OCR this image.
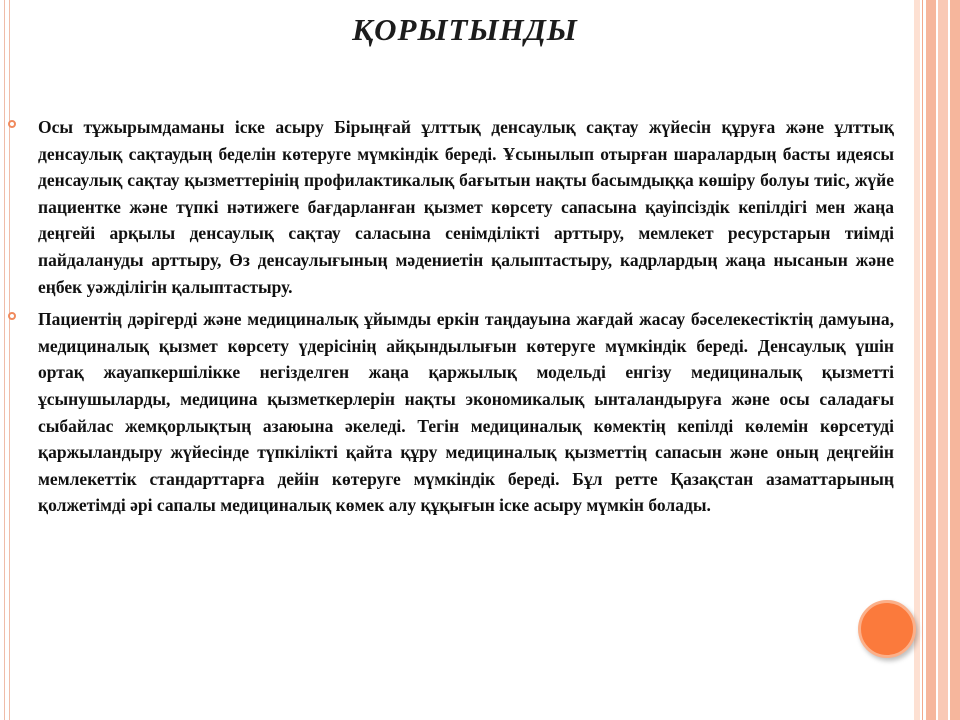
ҚОРЫТЫНДЫ

Осы тұжырымдаманы іске асыру Бірыңғай ұлттық денсаулық сақтау жүйесін құруға және ұлттық денсаулық сақтаудың беделін көтеруге мүмкіндік береді. Ұсынылып отырған шаралардың басты идеясы денсаулық сақтау қызметтерінің профилактикалық бағытын нақты басымдыққа көшіру болуы тиіс, жүйе пациентке және түпкі нәтижеге бағдарланған қызмет көрсету сапасына қауіпсіздік кепілдігі мен жаңа деңгейі арқылы денсаулық сақтау саласына сенімділікті арттыру, мемлекет ресурстарын тиімді пайдалануды арттыру, Өз денсаулығының мәдениетін қалыптастыру, кадрлардың жаңа нысанын және еңбек уәжділігін қалыптастыру.

Пациентің дәрігерді және медициналық ұйымды еркін таңдауына жағдай жасау бәселекестіктің дамуына, медициналық қызмет көрсету үдерісінің айқындылығын көтеруге мүмкіндік береді. Денсаулық үшін ортақ жауапкершілікке негізделген жаңа қаржылық модельді енгізу медициналық қызметті ұсынушыларды, медицина қызметкерлерін нақты экономикалық ынталандыруға және осы саладағы сыбайлас жемқорлықтың азаюына әкеледі. Тегін медициналық көмектің кепілді көлемін көрсетуді қаржыландыру жүйесінде түпкілікті қайта құру медициналық қызметтің сапасын және оның деңгейін мемлекеттік стандарттарға дейін көтеруге мүмкіндік береді. Бұл ретте Қазақстан азаматтарының қолжетімді әрі сапалы медициналық көмек алу құқығын іске асыру мүмкін болады.
